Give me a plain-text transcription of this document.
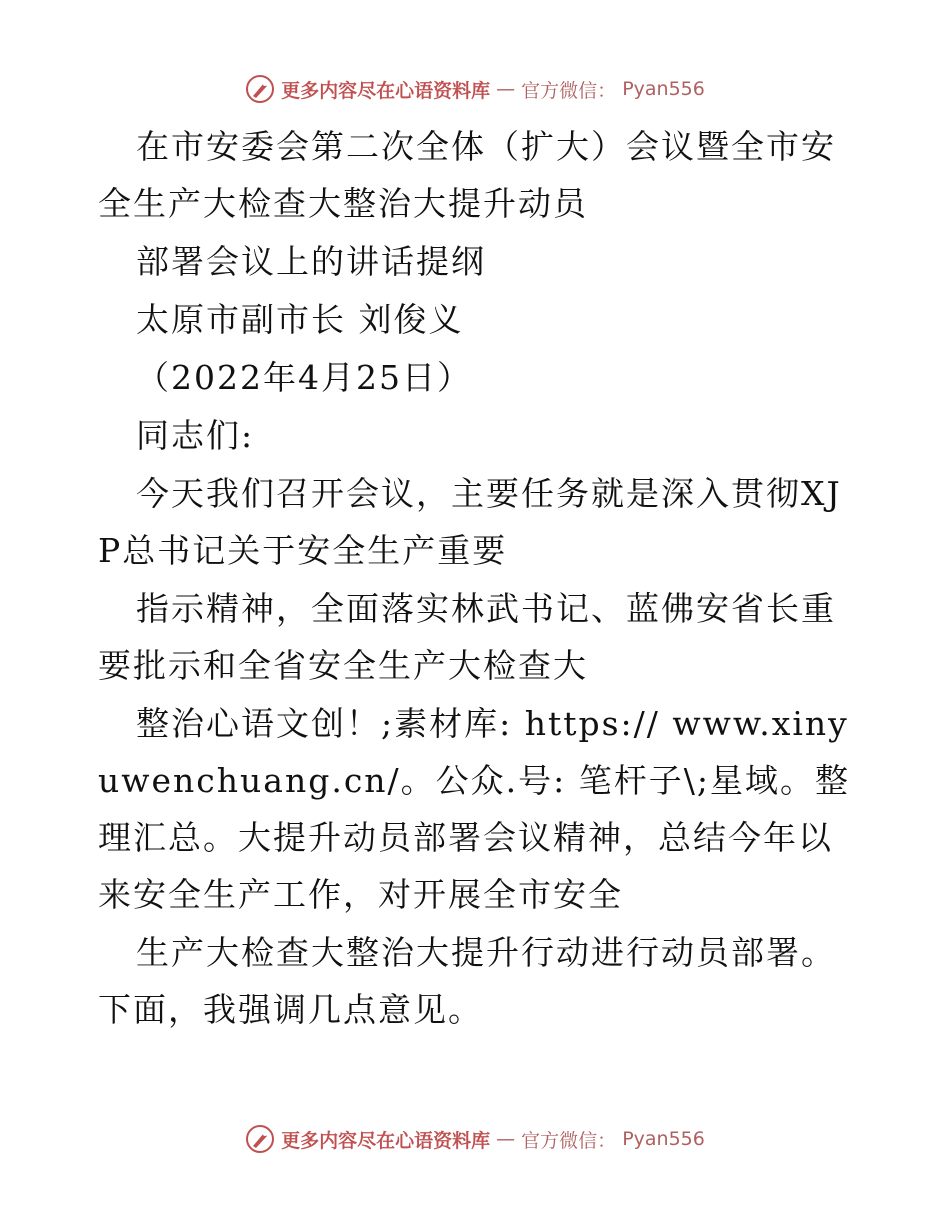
更多内容尽在心语资料库 — 官方微信： Pyan556

在市安委会第二次全体（扩大）会议暨全市安全生产大检查大整治大提升动员

部署会议上的讲话提纲

太原市副市长 刘俊义

（2022年4月25日）

同志们:

今天我们召开会议，主要任务就是深入贯彻XJP总书记关于安全生产重要

指示精神，全面落实林武书记、蓝佛安省长重要批示和全省安全生产大检查大

整治心语文创！;素材库: https:// www.xinyuwenchuang.cn/。公众.号: 笔杆子\;星域。整理汇总。大提升动员部署会议精神，总结今年以来安全生产工作，对开展全市安全

生产大检查大整治大提升行动进行动员部署。下面，我强调几点意见。

更多内容尽在心语资料库 — 官方微信： Pyan556
